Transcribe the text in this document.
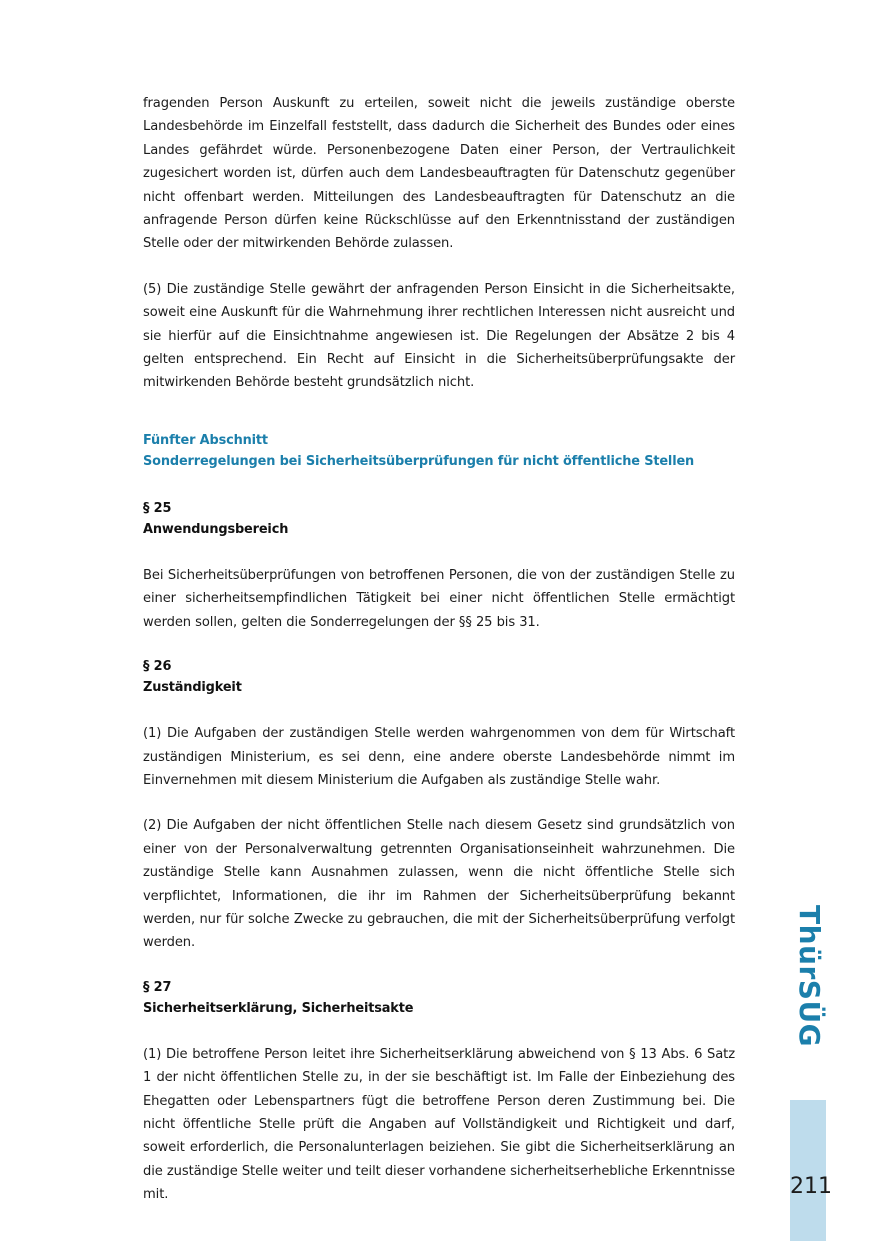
fragenden Person Auskunft zu erteilen, soweit nicht die jeweils zuständige oberste Landesbehörde im Einzelfall feststellt, dass dadurch die Sicherheit des Bundes oder eines Landes gefährdet würde. Personenbezogene Daten einer Person, der Vertraulichkeit zugesichert worden ist, dürfen auch dem Landesbeauftragten für Datenschutz gegenüber nicht offenbart werden. Mitteilungen des Landesbeauftragten für Datenschutz an die anfragende Person dürfen keine Rückschlüsse auf den Erkenntnisstand der zuständigen Stelle oder der mitwirkenden Behörde zulassen.

(5) Die zuständige Stelle gewährt der anfragenden Person Einsicht in die Sicherheitsakte, soweit eine Auskunft für die Wahrnehmung ihrer rechtlichen Interessen nicht ausreicht und sie hierfür auf die Einsichtnahme angewiesen ist. Die Regelungen der Absätze 2 bis 4 gelten entsprechend. Ein Recht auf Einsicht in die Sicherheitsüberprüfungsakte der mitwirkenden Behörde besteht grundsätzlich nicht.

Fünfter Abschnitt
Sonderregelungen bei Sicherheitsüberprüfungen für nicht öffentliche Stellen
§ 25
Anwendungsbereich

Bei Sicherheitsüberprüfungen von betroffenen Personen, die von der zuständigen Stelle zu einer sicherheitsempfindlichen Tätigkeit bei einer nicht öffentlichen Stelle ermächtigt werden sollen, gelten die Sonderregelungen der §§ 25 bis 31.

§ 26
Zuständigkeit

(1) Die Aufgaben der zuständigen Stelle werden wahrgenommen von dem für Wirtschaft zuständigen Ministerium, es sei denn, eine andere oberste Landesbehörde nimmt im Einvernehmen mit diesem Ministerium die Aufgaben als zuständige Stelle wahr.

(2) Die Aufgaben der nicht öffentlichen Stelle nach diesem Gesetz sind grundsätzlich von einer von der Personalverwaltung getrennten Organisationseinheit wahrzunehmen. Die zuständige Stelle kann Ausnahmen zulassen, wenn die nicht öffentliche Stelle sich verpflichtet, Informationen, die ihr im Rahmen der Sicherheitsüberprüfung bekannt werden, nur für solche Zwecke zu gebrauchen, die mit der Sicherheitsüberprüfung verfolgt werden.

§ 27
Sicherheitserklärung, Sicherheitsakte

(1) Die betroffene Person leitet ihre Sicherheitserklärung abweichend von § 13 Abs. 6 Satz 1 der nicht öffentlichen Stelle zu, in der sie beschäftigt ist. Im Falle der Einbeziehung des Ehegatten oder Lebenspartners fügt die betroffene Person deren Zustimmung bei. Die nicht öffentliche Stelle prüft die Angaben auf Vollständigkeit und Richtigkeit und darf, soweit erforderlich, die Personalunterlagen beiziehen. Sie gibt die Sicherheitserklärung an die zuständige Stelle weiter und teilt dieser vorhandene sicherheitserhebliche Erkenntnisse mit.

ThürSÜG
211
